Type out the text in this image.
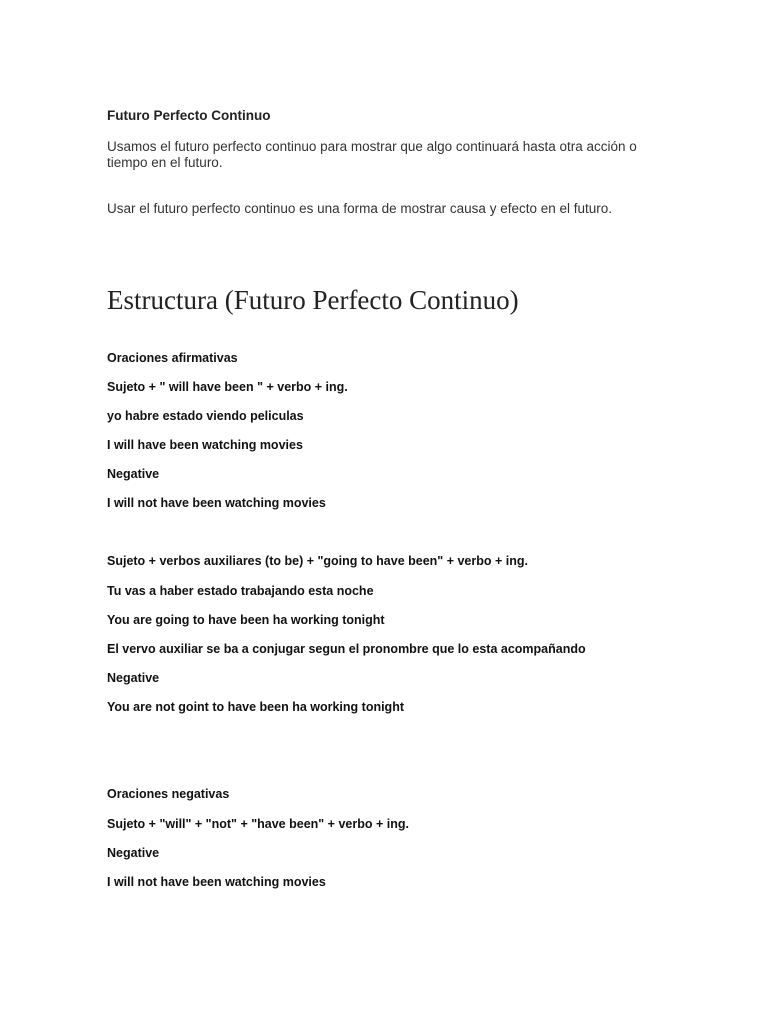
Futuro Perfecto Continuo

Usamos el futuro perfecto continuo para mostrar que algo continuará hasta otra acción o tiempo en el futuro.

Usar el futuro perfecto continuo es una forma de mostrar causa y efecto en el futuro.

Estructura (Futuro Perfecto Continuo)

Oraciones afirmativas

Sujeto + " will have been " + verbo + ing.

yo habre estado viendo peliculas

I will have been watching movies

Negative

I will not have been watching movies

Sujeto + verbos auxiliares (to be) + "going to have been" + verbo + ing.

Tu vas a haber estado trabajando esta noche

You are going to have been ha working tonight

El vervo auxiliar se ba a conjugar segun el pronombre que lo esta acompañando

Negative

You are not goint to have been ha working tonight

Oraciones negativas

Sujeto + "will" + "not" + "have been" + verbo + ing.

Negative

I will not have been watching movies
